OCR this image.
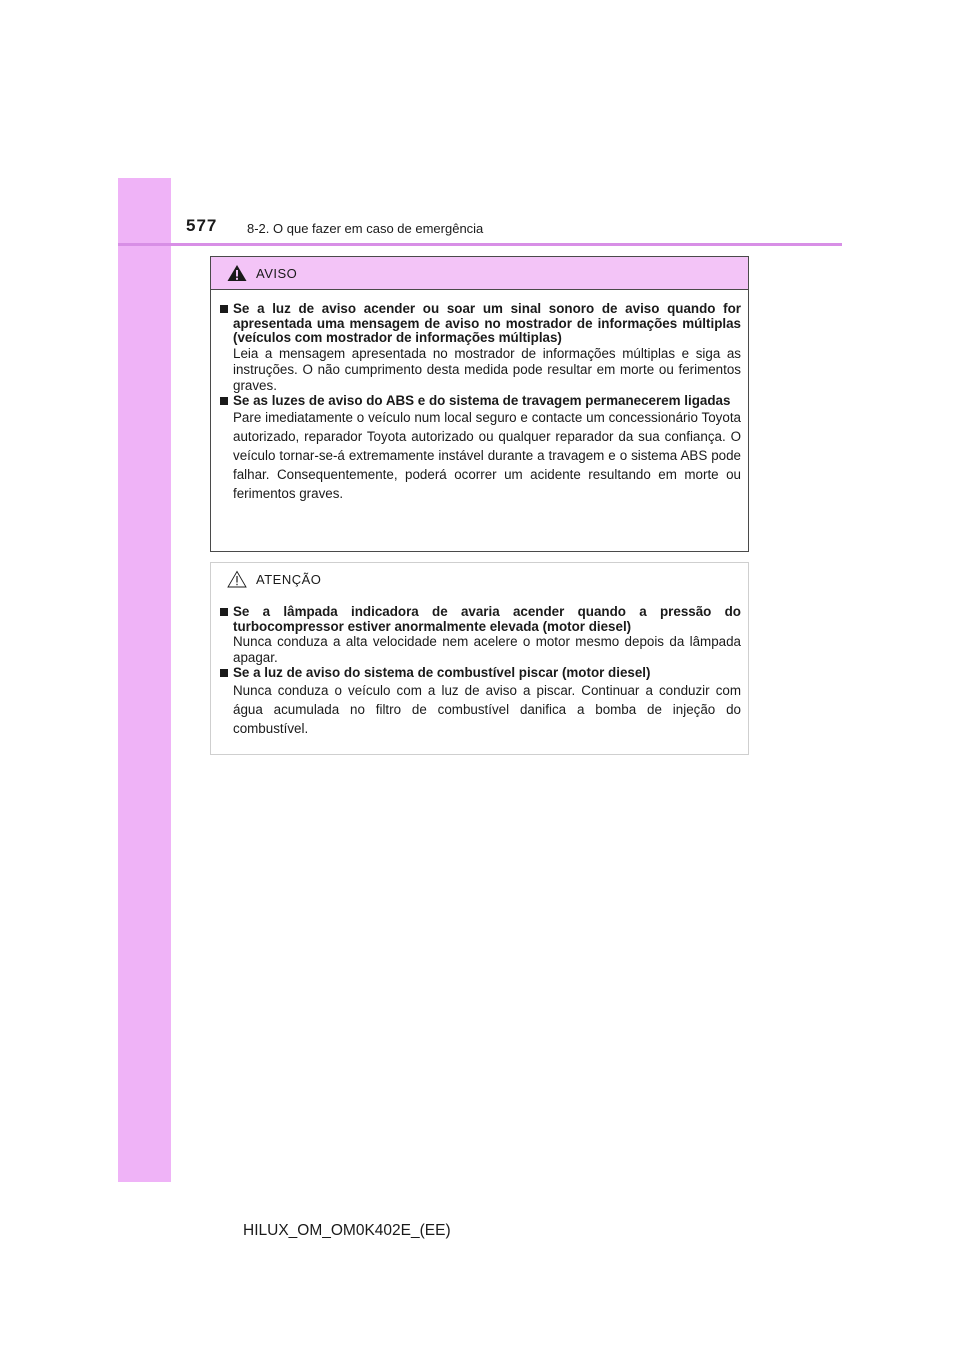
577 8-2. O que fazer em caso de emergência
AVISO
Se a luz de aviso acender ou soar um sinal sonoro de aviso quando for apresentada uma mensagem de aviso no mostrador de informações múltiplas (veículos com mostrador de informações múltiplas)
Leia a mensagem apresentada no mostrador de informações múltiplas e siga as instruções. O não cumprimento desta medida pode resultar em morte ou ferimentos graves.
Se as luzes de aviso do ABS e do sistema de travagem permanecerem ligadas
Pare imediatamente o veículo num local seguro e contacte um concessionário Toyota autorizado, reparador Toyota autorizado ou qualquer reparador da sua confiança. O veículo tornar-se-á extremamente instável durante a travagem e o sistema ABS pode falhar. Consequentemente, poderá ocorrer um acidente resultando em morte ou ferimentos graves.
ATENÇÃO
Se a lâmpada indicadora de avaria acender quando a pressão do turbocompressor estiver anormalmente elevada (motor diesel)
Nunca conduza a alta velocidade nem acelere o motor mesmo depois da lâmpada apagar.
Se a luz de aviso do sistema de combustível piscar (motor diesel)
Nunca conduza o veículo com a luz de aviso a piscar. Continuar a conduzir com água acumulada no filtro de combustível danifica a bomba de injeção do combustível.
HILUX_OM_OM0K402E_(EE)
